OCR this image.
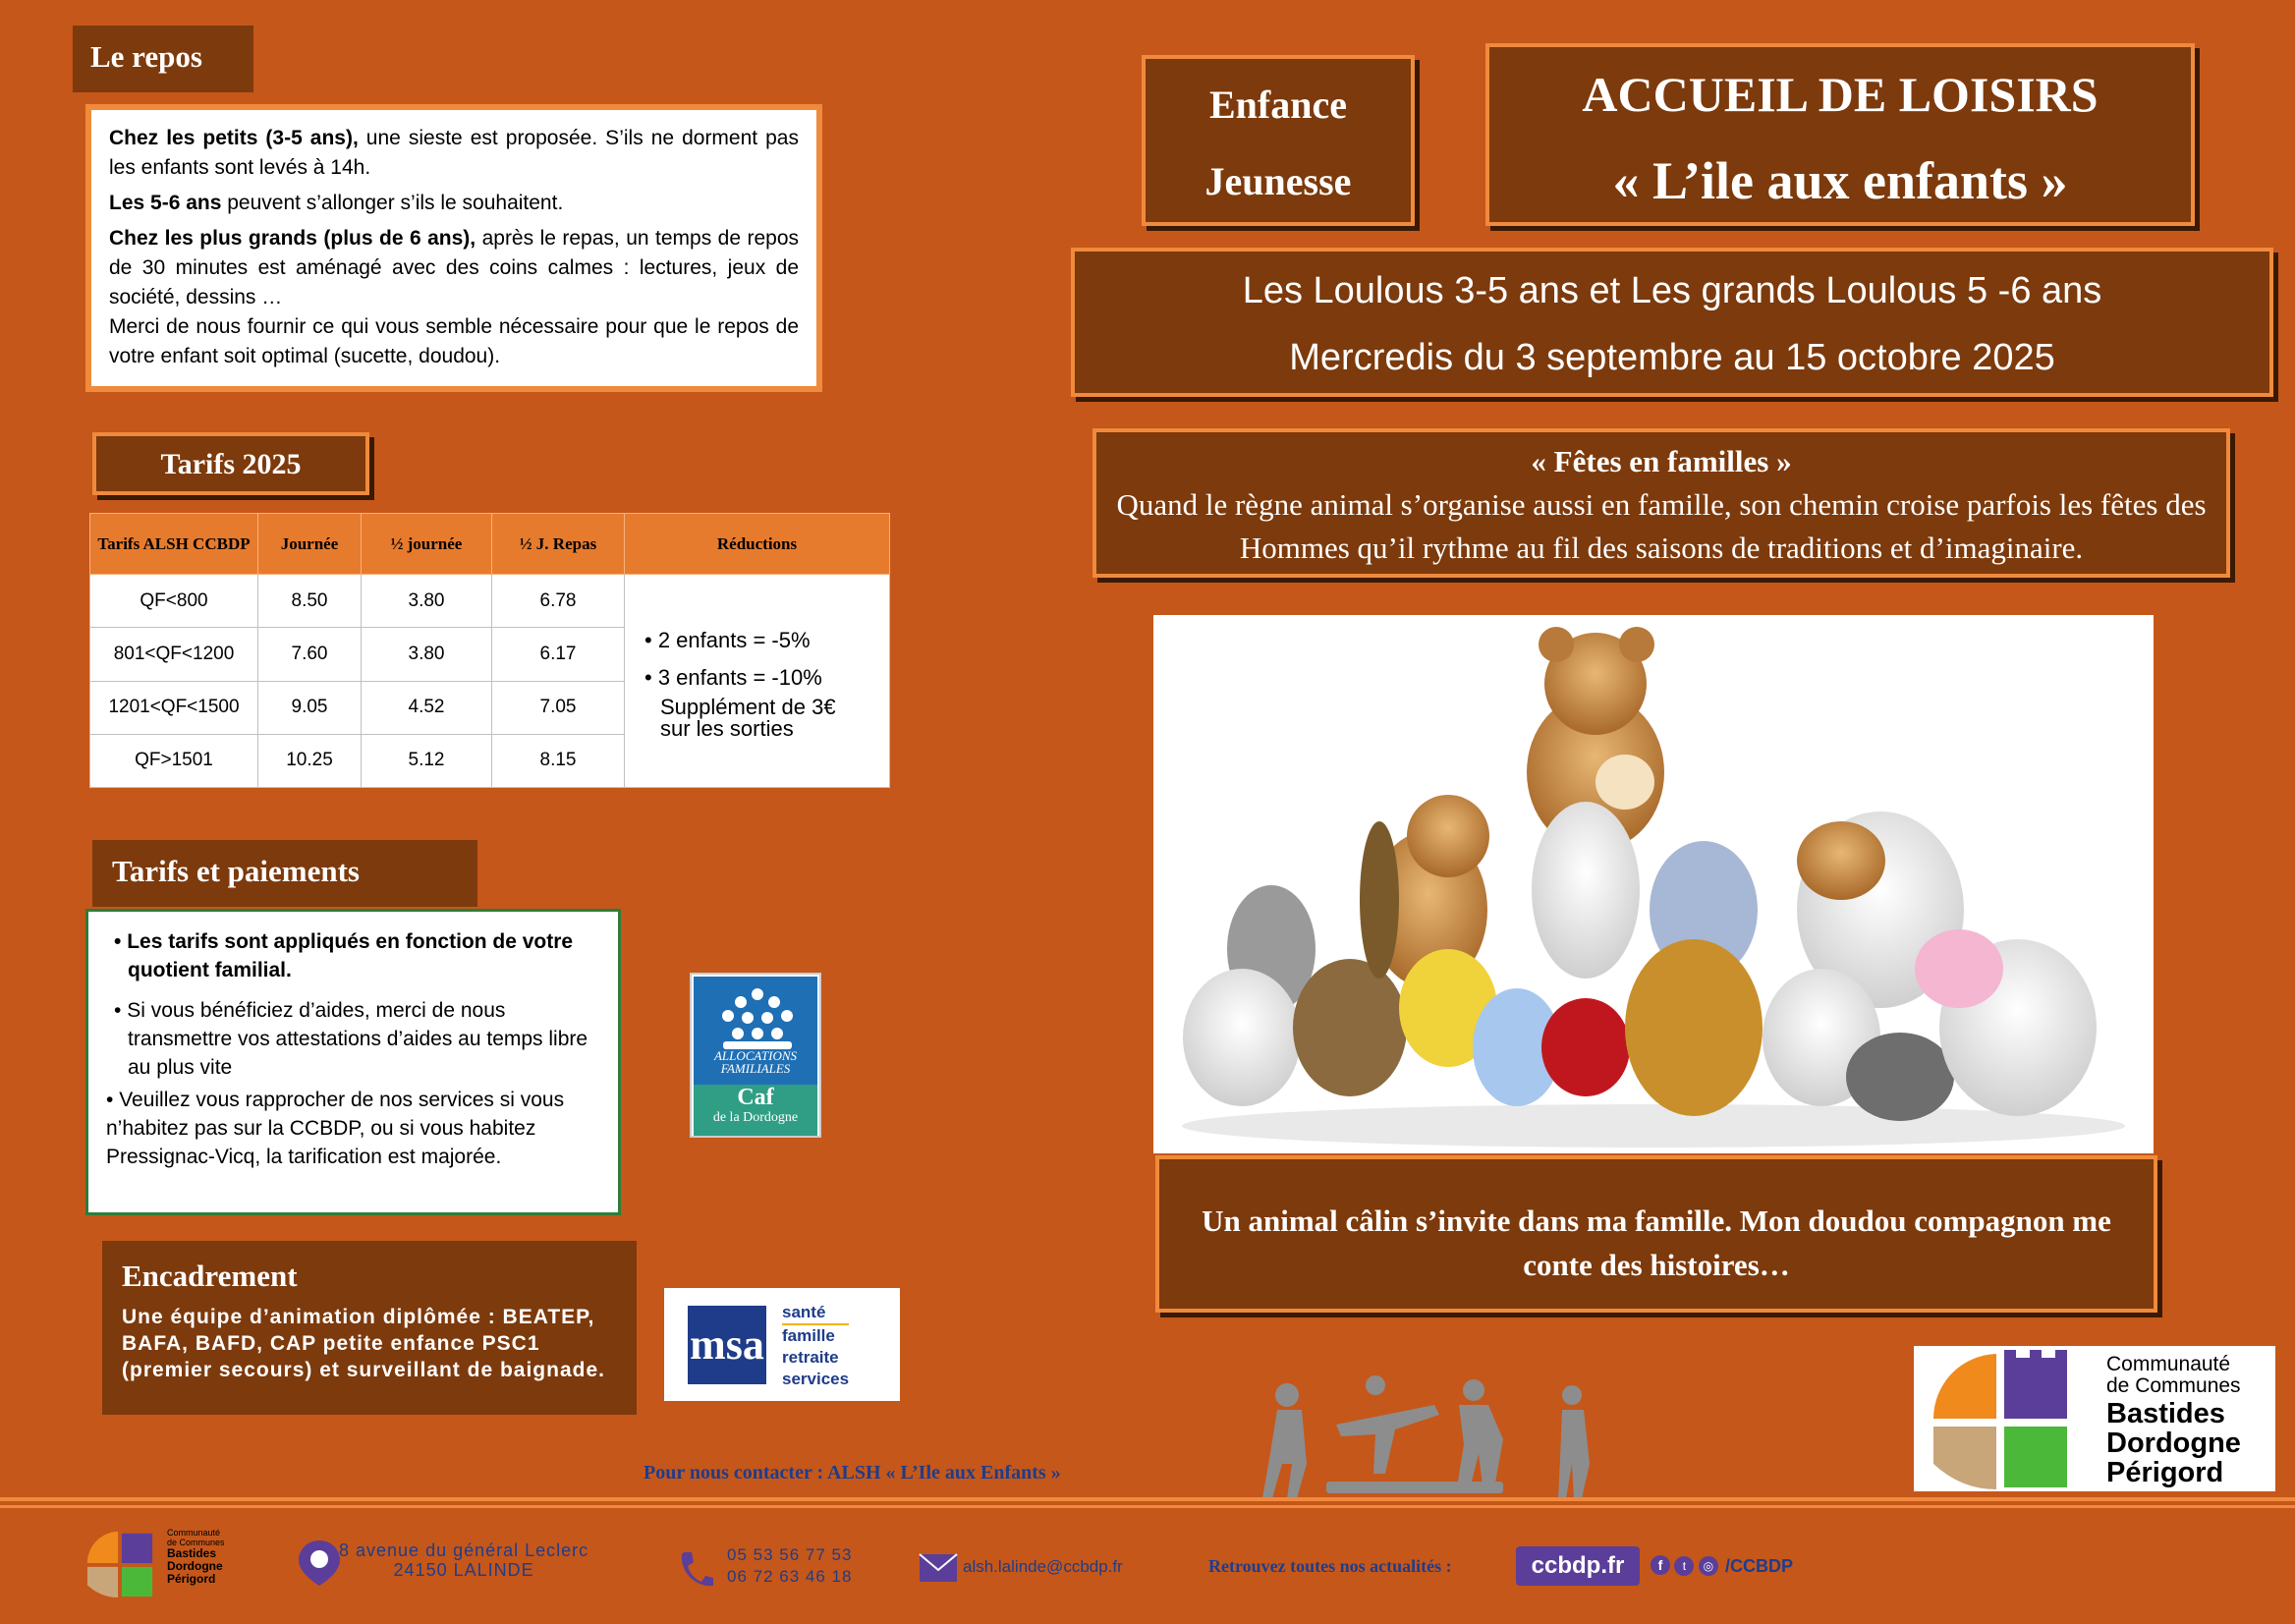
Le repos

Chez les petits (3-5 ans), une sieste est proposée. S’ils ne dorment pas les enfants sont levés à 14h.

Les 5-6 ans peuvent s’allonger s’ils le souhaitent.

Chez les plus grands (plus de 6 ans), après le repas, un temps de repos de 30 minutes est aménagé avec des coins calmes : lectures, jeux de société, dessins …

Merci de nous fournir ce qui vous semble nécessaire pour que le repos de votre enfant soit optimal (sucette, doudou).

Tarifs 2025
Tarifs ALSH CCBDP	Journée	½ journée	½ J. Repas	Réductions
QF<800	8.50	3.80	6.78	• 2 enfants = -5%
• 3 enfants = -10%
Supplément de 3€ sur les sorties

801<QF<1200	7.60	3.80	6.17	
1201<QF<1500	9.05	4.52	7.05	
QF>1501	10.25	5.12	8.15	
Tarifs et paiements
• Les tarifs sont appliqués en fonction de votre quotient familial.
• Si vous bénéficiez d’aides, merci de nous transmettre vos attestations d’aides au temps libre au plus vite
• Veuillez vous rapprocher de nos services si vous n’habitez pas sur la CCBDP, ou si vous habitez Pressignac-Vicq, la tarification est majorée.
ALLOCATIONS
FAMILIALES
Caf
de la Dordogne
Encadrement
Une équipe d’animation diplômée : BEATEP, BAFA, BAFD, CAP petite enfance PSC1 (premier secours) et surveillant de baignade.
msa
santé
famille
retraite
services
Enfance
Jeunesse
ACCUEIL DE LOISIRS
« L’ile aux enfants »
Les Loulous 3-5 ans et Les grands Loulous 5 -6 ans
Mercredis du 3 septembre au 15 octobre 2025
« Fêtes en familles »
Quand le règne animal s’organise aussi en famille, son chemin croise parfois les fêtes des Hommes qu’il rythme au fil des saisons de traditions et d’imaginaire.
Un animal câlin s’invite dans ma famille. Mon doudou compagnon me conte des histoires…
Communauté
de Communes
Bastides
Dordogne
Périgord
Pour nous contacter : ALSH « L’Ile aux Enfants »
Communauté
de Communes
Bastides
Dordogne
Périgord
8 avenue du général Leclerc
24150 LALINDE
05 53 56 77 53
06 72 63 46 18
alsh.lalinde@ccbdp.fr	Retrouvez toutes nos actualités :	ccbdp.fr	f t ◎ /CCBDP
